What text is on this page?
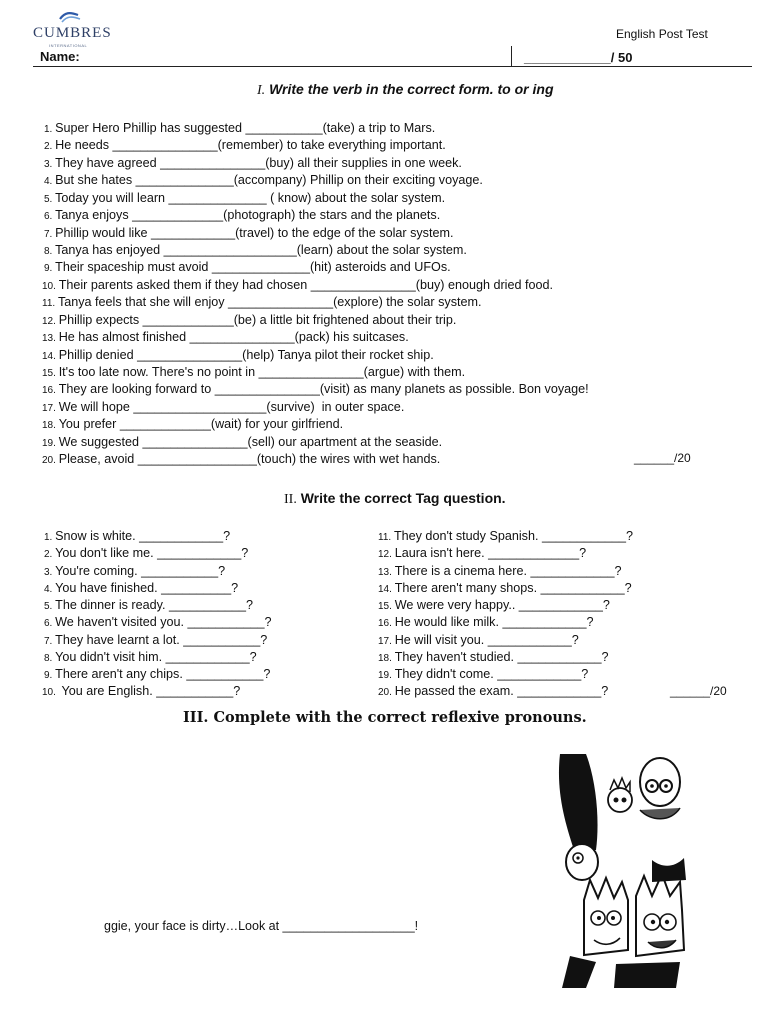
CUMBRES
INTERNATIONAL
English Post Test
Name:	____________/ 50
I. Write the verb in the correct form. to or ing
1. Super Hero Phillip has suggested ___________(take) a trip to Mars.
2. He needs _______________(remember) to take everything important.
3. They have agreed _______________(buy) all their supplies in one week.
4. But she hates ______________(accompany) Phillip on their exciting voyage.
5. Today you will learn ______________ ( know) about the solar system.
6. Tanya enjoys _____________(photograph) the stars and the planets.
7. Phillip would like ____________(travel) to the edge of the solar system.
8. Tanya has enjoyed ___________________(learn) about the solar system.
9. Their spaceship must avoid ______________(hit) asteroids and UFOs.
10. Their parents asked them if they had chosen _______________(buy) enough dried food.
11. Tanya feels that she will enjoy _______________(explore) the solar system.
12. Phillip expects _____________(be) a little bit frightened about their trip.
13. He has almost finished _______________(pack) his suitcases.
14. Phillip denied _______________(help) Tanya pilot their rocket ship.
15. It's too late now. There's no point in _______________(argue) with them.
16. They are looking forward to _______________(visit) as many planets as possible. Bon voyage!
17. We will hope ___________________(survive)  in outer space.
18. You prefer _____________(wait) for your girlfriend.
19. We suggested _______________(sell) our apartment at the seaside.
20. Please, avoid _________________(touch) the wires with wet hands.	______/20
II. Write the correct Tag question.
1. Snow is white. ____________?
2. You don't like me. ____________?
3. You're coming. ___________?
4. You have finished. __________?
5. The dinner is ready. ___________?
6. We haven't visited you. ___________?
7. They have learnt a lot. ___________?
8. You didn't visit him. ____________?
9. There aren't any chips. ___________?
10.  You are English. ___________?
11. They don't study Spanish. ____________?
12. Laura isn't here. _____________?
13. There is a cinema here. ____________?
14. There aren't many shops. ____________?
15. We were very happy.. ____________?
16. He would like milk. ____________?
17. He will visit you. ____________?
18. They haven't studied. ____________?
19. They didn't come. ____________?
20. He passed the exam. ____________?	______/20
III. Complete with the correct reflexive pronouns.
ggie, your face is dirty…Look at ___________________!
